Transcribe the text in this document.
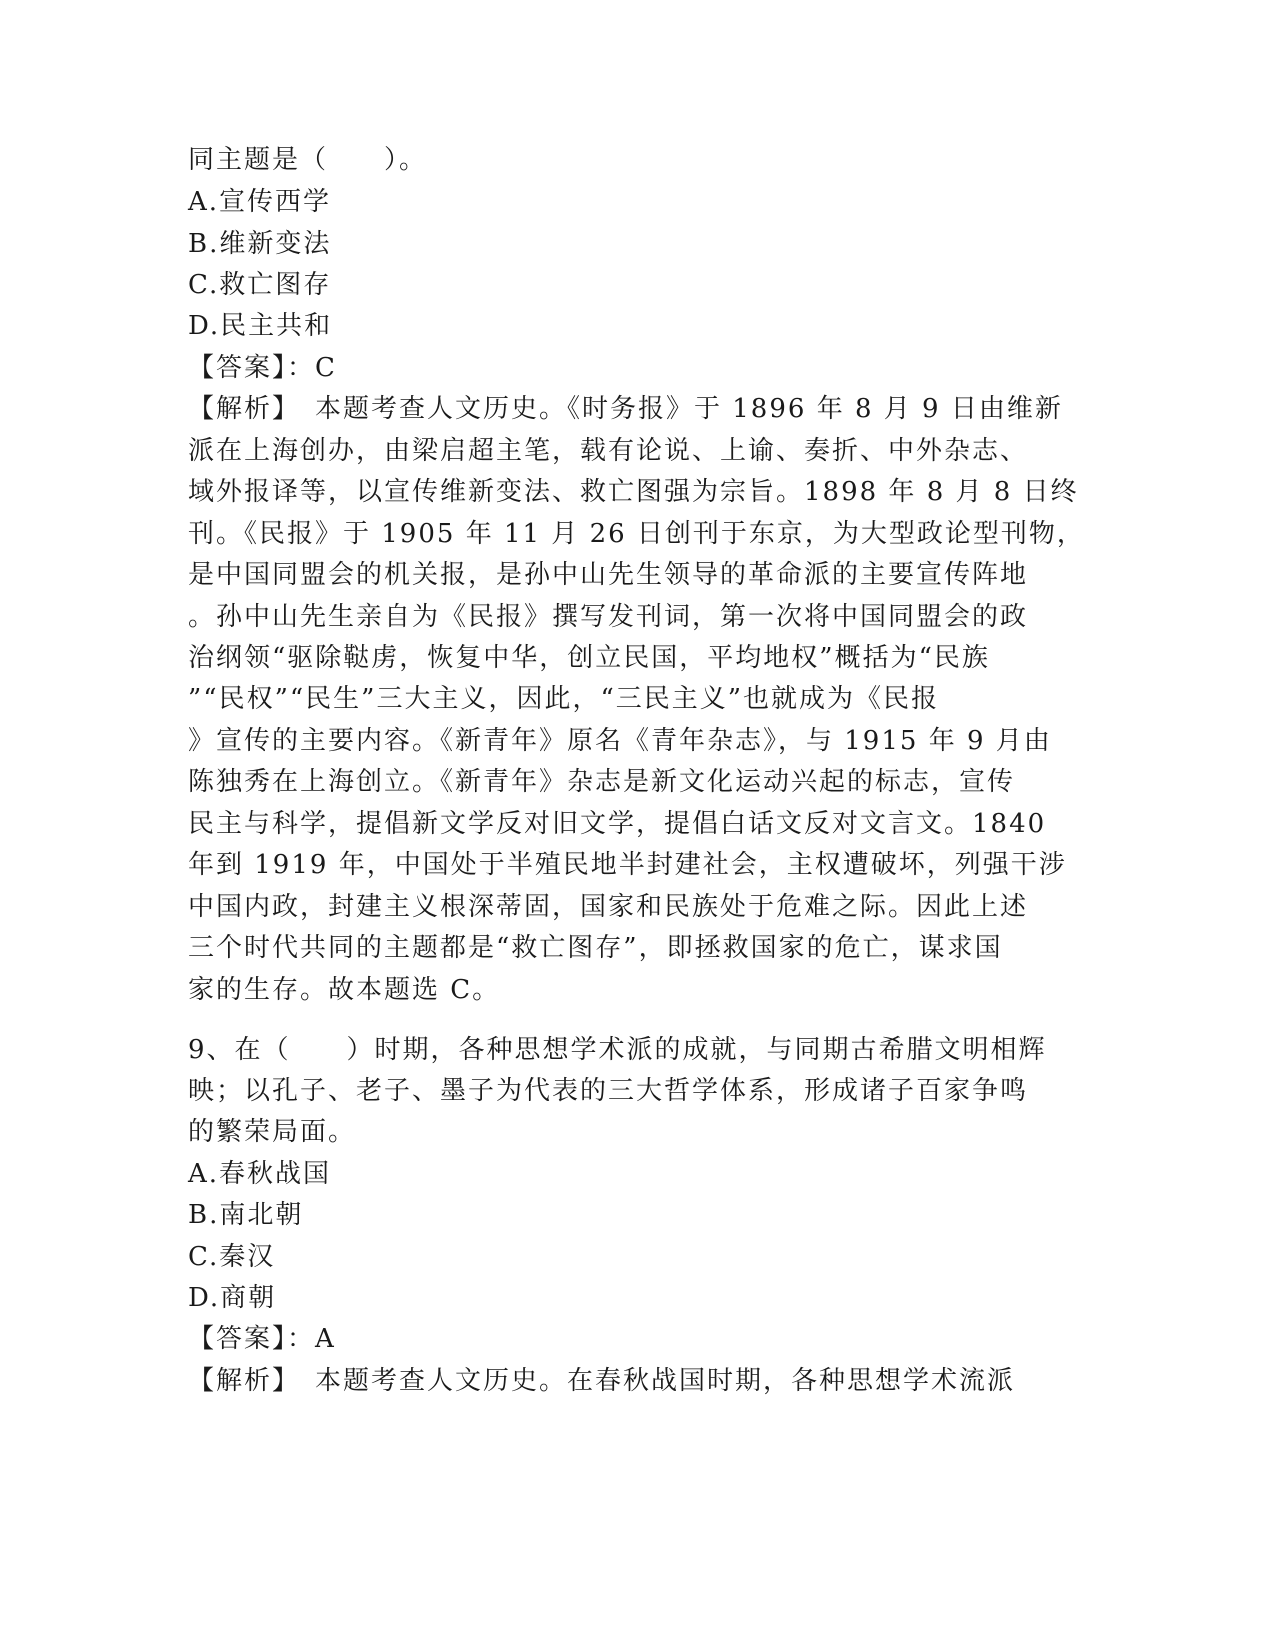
同主题是（　　）。
A.宣传西学
B.维新变法
C.救亡图存
D.民主共和
【答案】：C
【解析】　本题考查人文历史。《时务报》于 1896 年 8 月 9 日由维新
派在上海创办，由梁启超主笔，载有论说、上谕、奏折、中外杂志、
域外报译等，以宣传维新变法、救亡图强为宗旨。1898 年 8 月 8 日终
刊。《民报》于 1905 年 11 月 26 日创刊于东京，为大型政论型刊物，
是中国同盟会的机关报，是孙中山先生领导的革命派的主要宣传阵地
。孙中山先生亲自为《民报》撰写发刊词，第一次将中国同盟会的政
治纲领“驱除鞑虏，恢复中华，创立民国，平均地权”概括为“民族
”“民权”“民生”三大主义，因此，“三民主义”也就成为《民报
》宣传的主要内容。《新青年》原名《青年杂志》，与 1915 年 9 月由
陈独秀在上海创立。《新青年》杂志是新文化运动兴起的标志，宣传
民主与科学，提倡新文学反对旧文学，提倡白话文反对文言文。1840
年到 1919 年，中国处于半殖民地半封建社会，主权遭破坏，列强干涉
中国内政，封建主义根深蒂固，国家和民族处于危难之际。因此上述
三个时代共同的主题都是“救亡图存”，即拯救国家的危亡，谋求国
家的生存。故本题选 C。
9、在（　　）时期，各种思想学术派的成就，与同期古希腊文明相辉
映；以孔子、老子、墨子为代表的三大哲学体系，形成诸子百家争鸣
的繁荣局面。
A.春秋战国
B.南北朝
C.秦汉
D.商朝
【答案】：A
【解析】　本题考查人文历史。在春秋战国时期，各种思想学术流派
